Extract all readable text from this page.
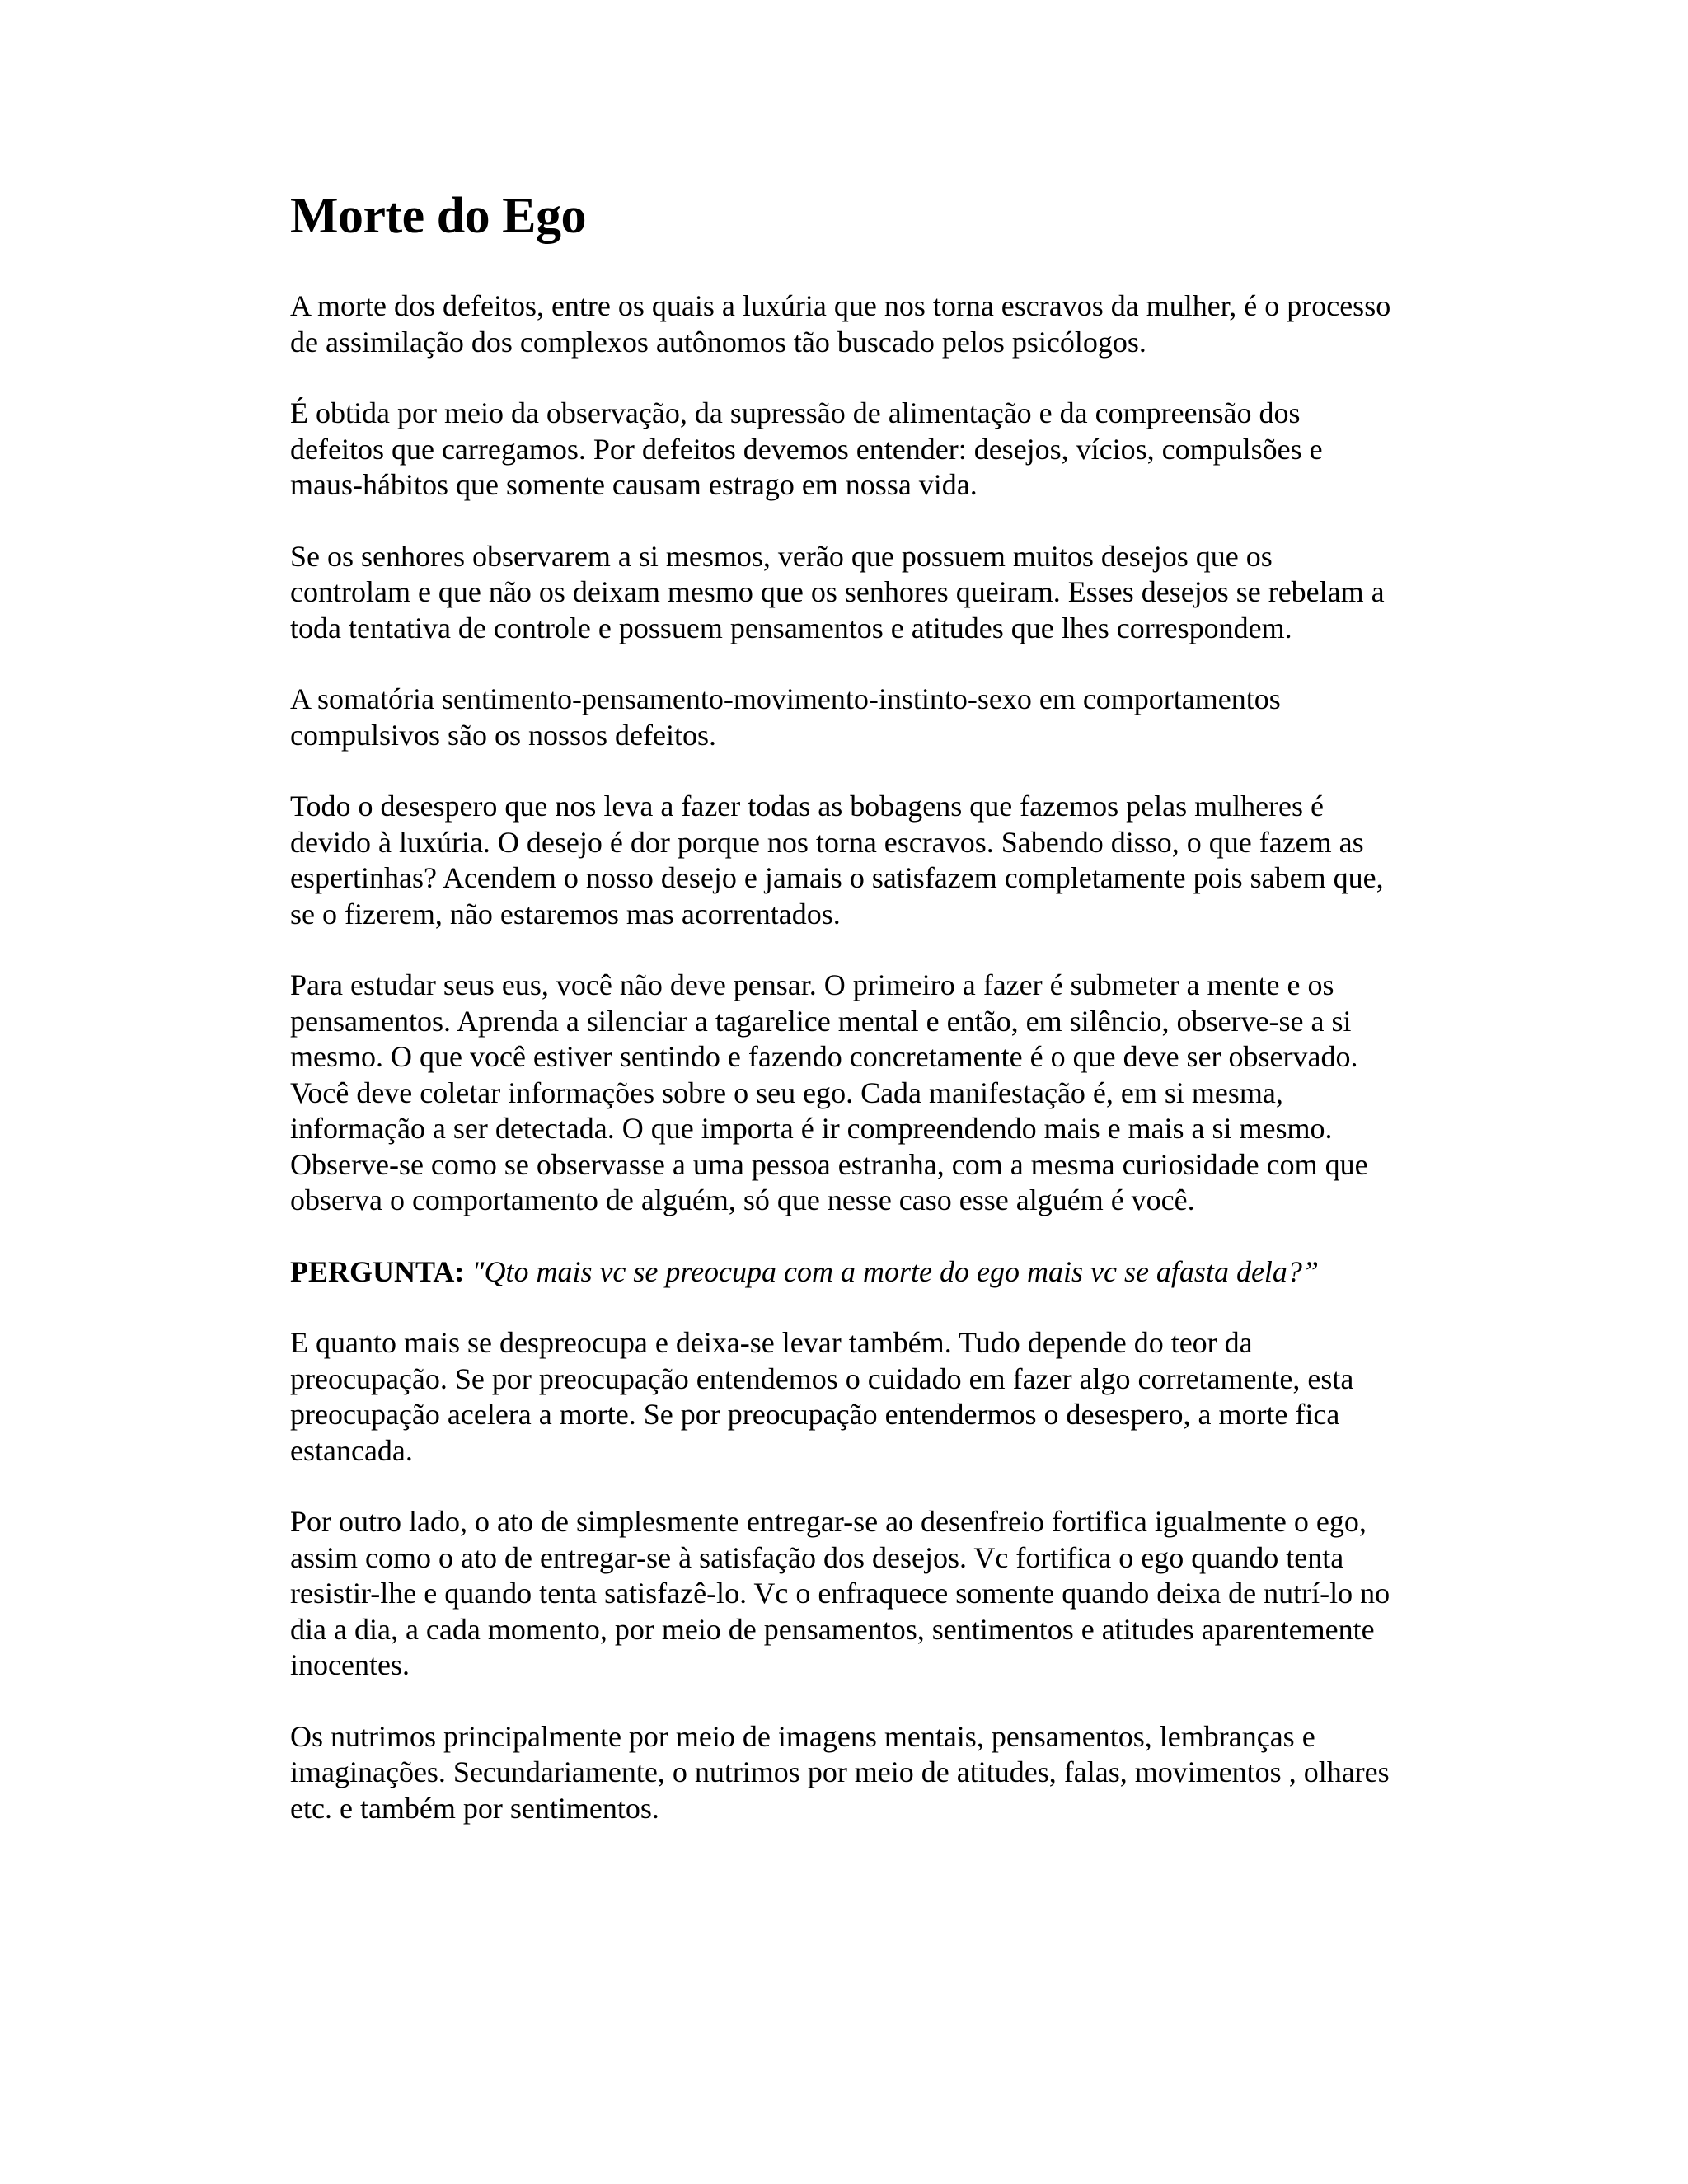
Morte do Ego

A morte dos defeitos, entre os quais a luxúria que nos torna escravos da mulher, é o processo de assimilação dos complexos autônomos tão buscado pelos psicólogos.

É obtida por meio da observação, da supressão de alimentação e da compreensão dos defeitos que carregamos. Por defeitos devemos entender: desejos, vícios, compulsões e maus-hábitos que somente causam estrago em nossa vida.

Se os senhores observarem a si mesmos, verão que possuem muitos desejos que os controlam e que não os deixam mesmo que os senhores queiram. Esses desejos se rebelam a toda tentativa de controle e possuem pensamentos e atitudes que lhes correspondem.

A somatória sentimento-pensamento-movimento-instinto-sexo em comportamentos compulsivos são os nossos defeitos.

Todo o desespero que nos leva a fazer todas as bobagens que fazemos pelas mulheres é devido à luxúria. O desejo é dor porque nos torna escravos. Sabendo disso, o que fazem as espertinhas? Acendem o nosso desejo e jamais o satisfazem completamente pois sabem que, se o fizerem, não estaremos mas acorrentados.

Para estudar seus eus, você não deve pensar. O primeiro a fazer é submeter a mente e os pensamentos. Aprenda a silenciar a tagarelice mental e então, em silêncio, observe-se a si mesmo. O que você estiver sentindo e fazendo concretamente é o que deve ser observado. Você deve coletar informações sobre o seu ego. Cada manifestação é, em si mesma, informação a ser detectada. O que importa é ir compreendendo mais e mais a si mesmo. Observe-se como se observasse a uma pessoa estranha, com a mesma curiosidade com que observa o comportamento de alguém, só que nesse caso esse alguém é você.

PERGUNTA: "Qto mais vc se preocupa com a morte do ego mais vc se afasta dela?”

E quanto mais se despreocupa e deixa-se levar também. Tudo depende do teor da preocupação. Se por preocupação entendemos o cuidado em fazer algo corretamente, esta preocupação acelera a morte. Se por preocupação entendermos o desespero, a morte fica estancada.

Por outro lado, o ato de simplesmente entregar-se ao desenfreio fortifica igualmente o ego, assim como o ato de entregar-se à satisfação dos desejos. Vc fortifica o ego quando tenta resistir-lhe e quando tenta satisfazê-lo. Vc o enfraquece somente quando deixa de nutrí-lo no dia a dia, a cada momento, por meio de pensamentos, sentimentos e atitudes aparentemente inocentes.

Os nutrimos principalmente por meio de imagens mentais, pensamentos, lembranças e imaginações. Secundariamente, o nutrimos por meio de atitudes, falas, movimentos , olhares etc. e também por sentimentos.
